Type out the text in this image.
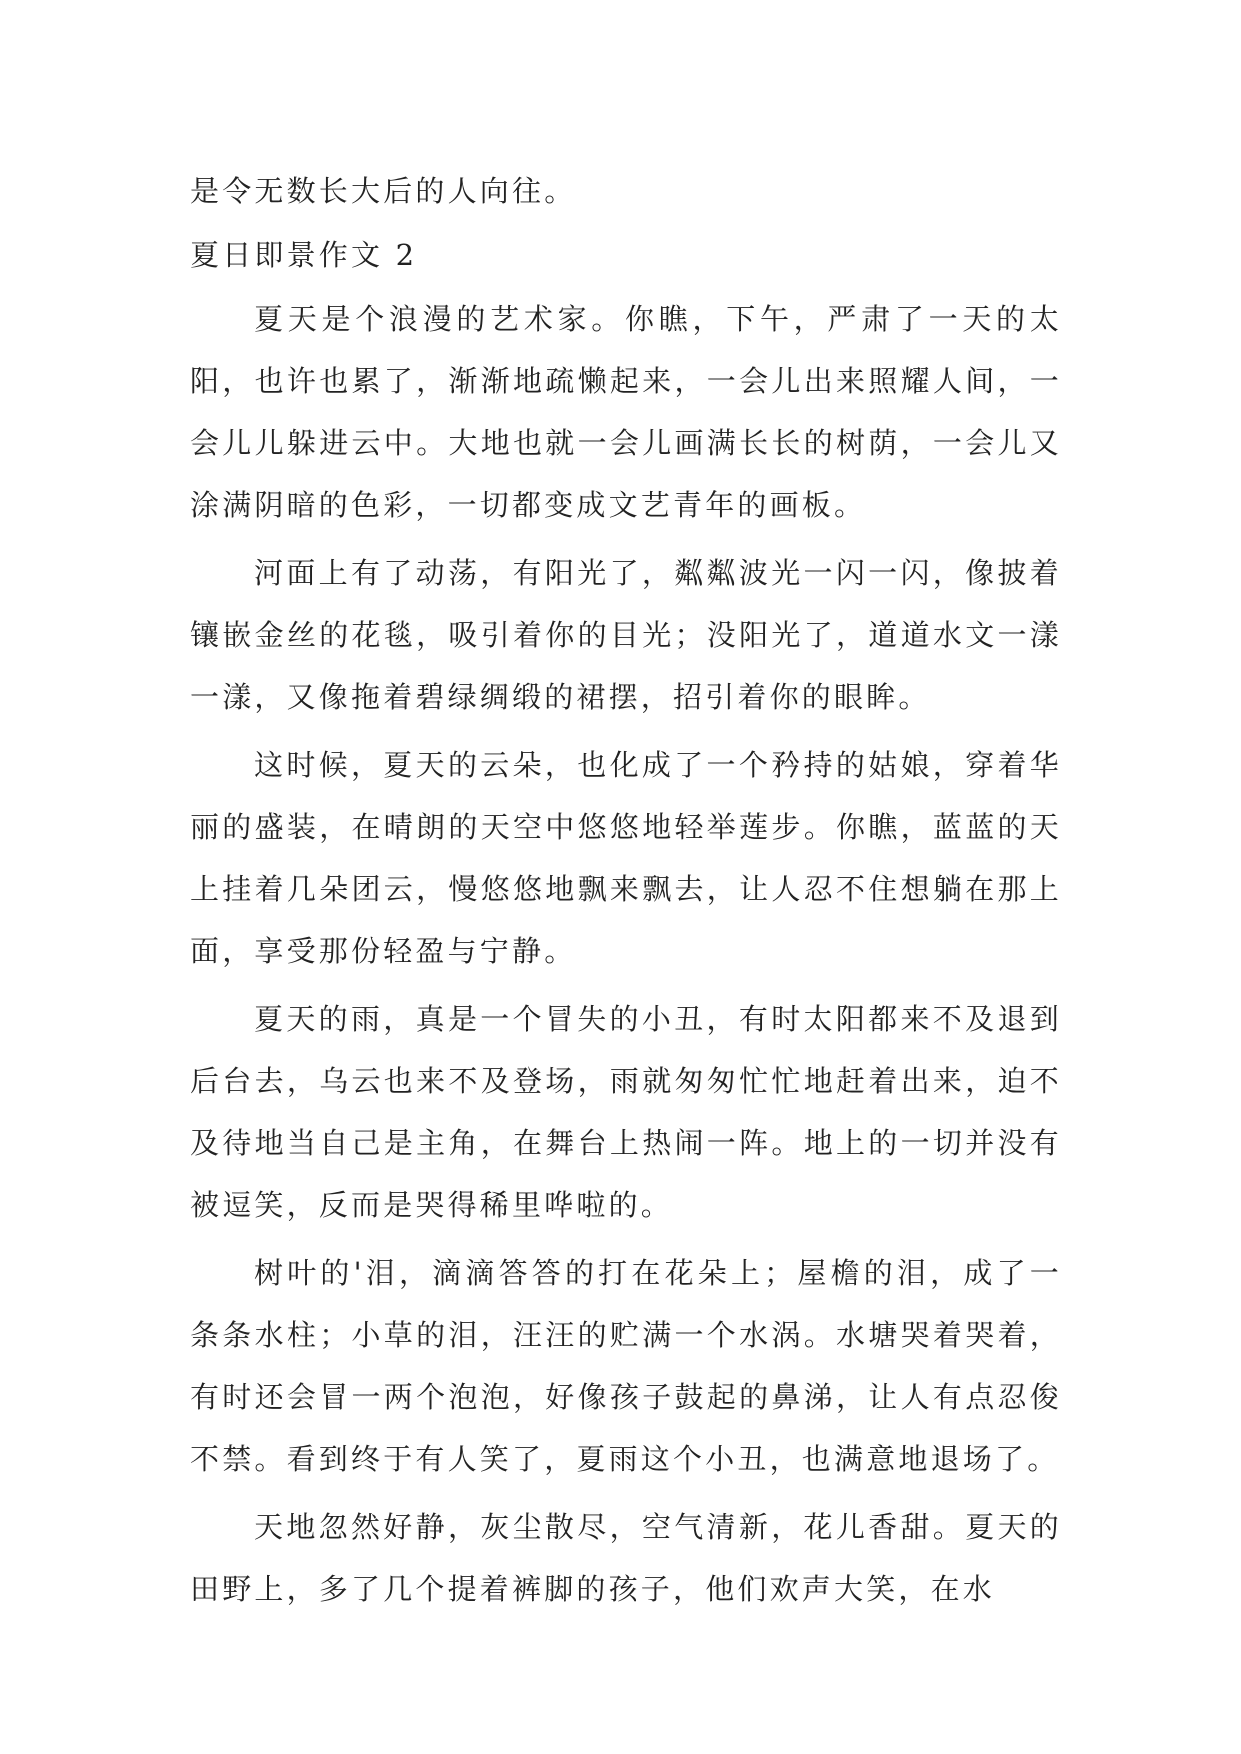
是令无数长大后的人向往。

夏日即景作文 2

夏天是个浪漫的艺术家。你瞧，下午，严肃了一天的太阳，也许也累了，渐渐地疏懒起来，一会儿出来照耀人间，一会儿儿躲进云中。大地也就一会儿画满长长的树荫，一会儿又涂满阴暗的色彩，一切都变成文艺青年的画板。

河面上有了动荡，有阳光了，粼粼波光一闪一闪，像披着镶嵌金丝的花毯，吸引着你的目光；没阳光了，道道水文一漾一漾，又像拖着碧绿绸缎的裙摆，招引着你的眼眸。

这时候，夏天的云朵，也化成了一个矜持的姑娘，穿着华丽的盛装，在晴朗的天空中悠悠地轻举莲步。你瞧，蓝蓝的天上挂着几朵团云，慢悠悠地飘来飘去，让人忍不住想躺在那上面，享受那份轻盈与宁静。

夏天的雨，真是一个冒失的小丑，有时太阳都来不及退到后台去，乌云也来不及登场，雨就匆匆忙忙地赶着出来，迫不及待地当自己是主角，在舞台上热闹一阵。地上的一切并没有被逗笑，反而是哭得稀里哗啦的。

树叶的'泪，滴滴答答的打在花朵上；屋檐的泪，成了一条条水柱；小草的泪，汪汪的贮满一个水涡。水塘哭着哭着，有时还会冒一两个泡泡，好像孩子鼓起的鼻涕，让人有点忍俊不禁。看到终于有人笑了，夏雨这个小丑，也满意地退场了。

天地忽然好静，灰尘散尽，空气清新，花儿香甜。夏天的田野上，多了几个提着裤脚的孩子，他们欢声大笑，在水
